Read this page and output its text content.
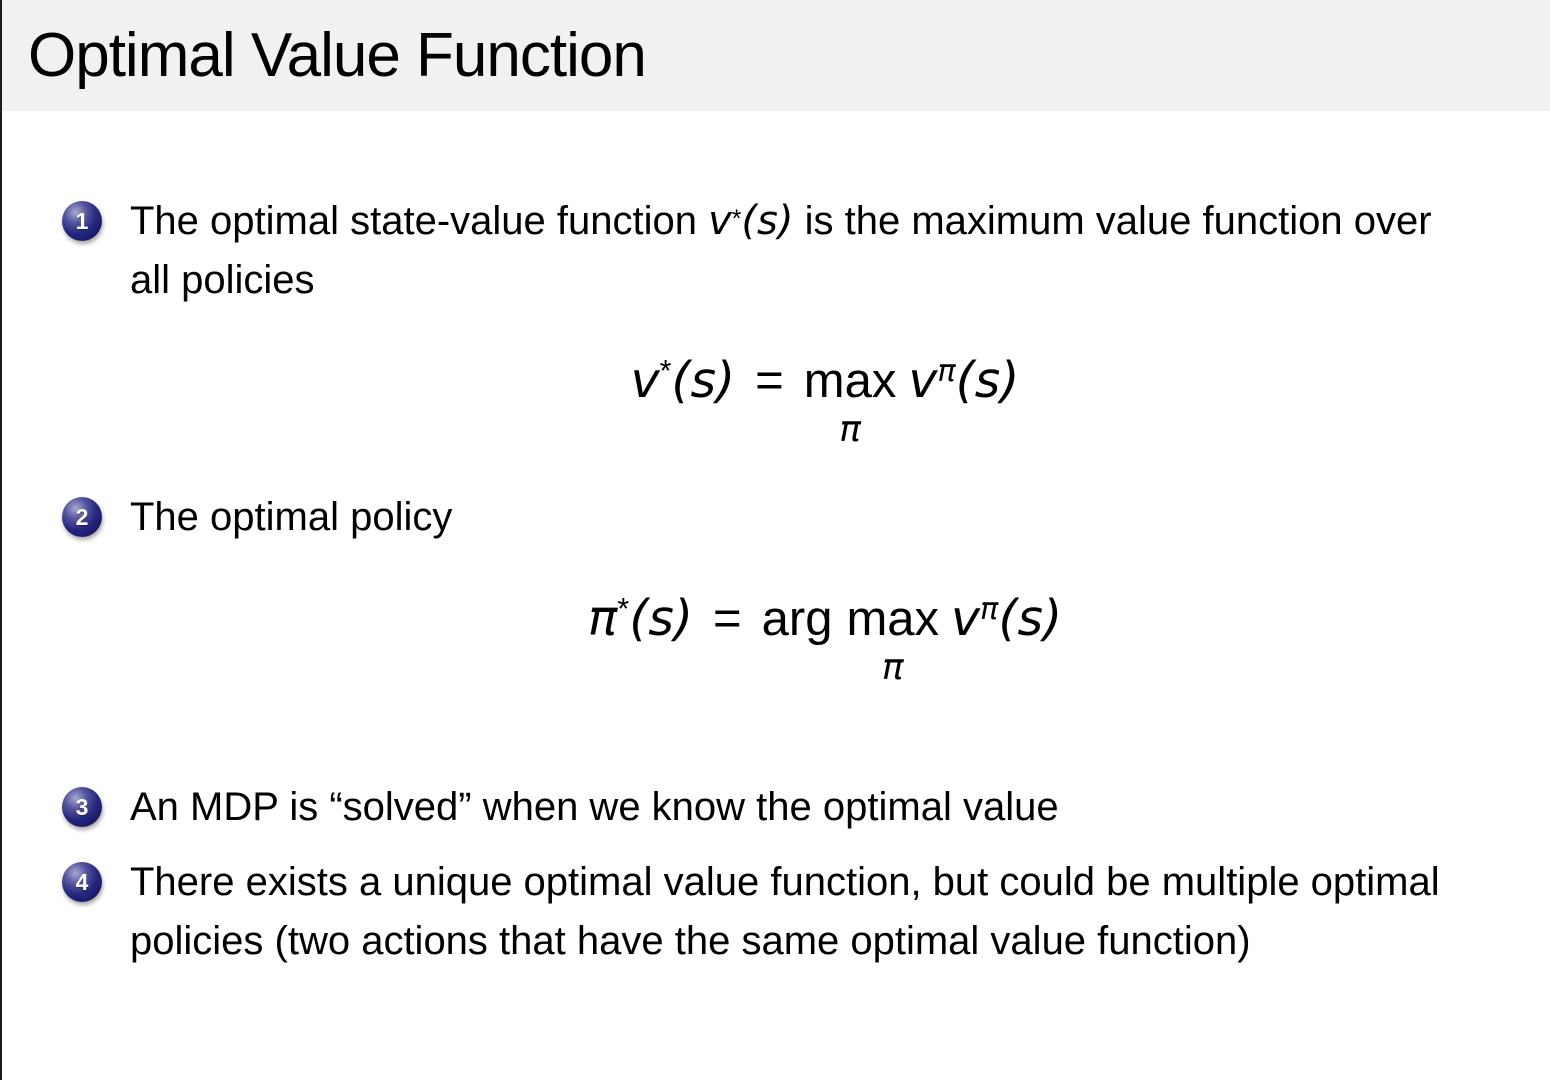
Optimal Value Function
1 The optimal state-value function v*(s) is the maximum value function over all policies

v*(s) = max
π
$v^\pi(s)$
2 The optimal policy

π*(s) = arg max
π
$v^\pi(s)$
3 An MDP is “solved” when we know the optimal value

4 There exists a unique optimal value function, but could be multiple optimal policies (two actions that have the same optimal value function)
